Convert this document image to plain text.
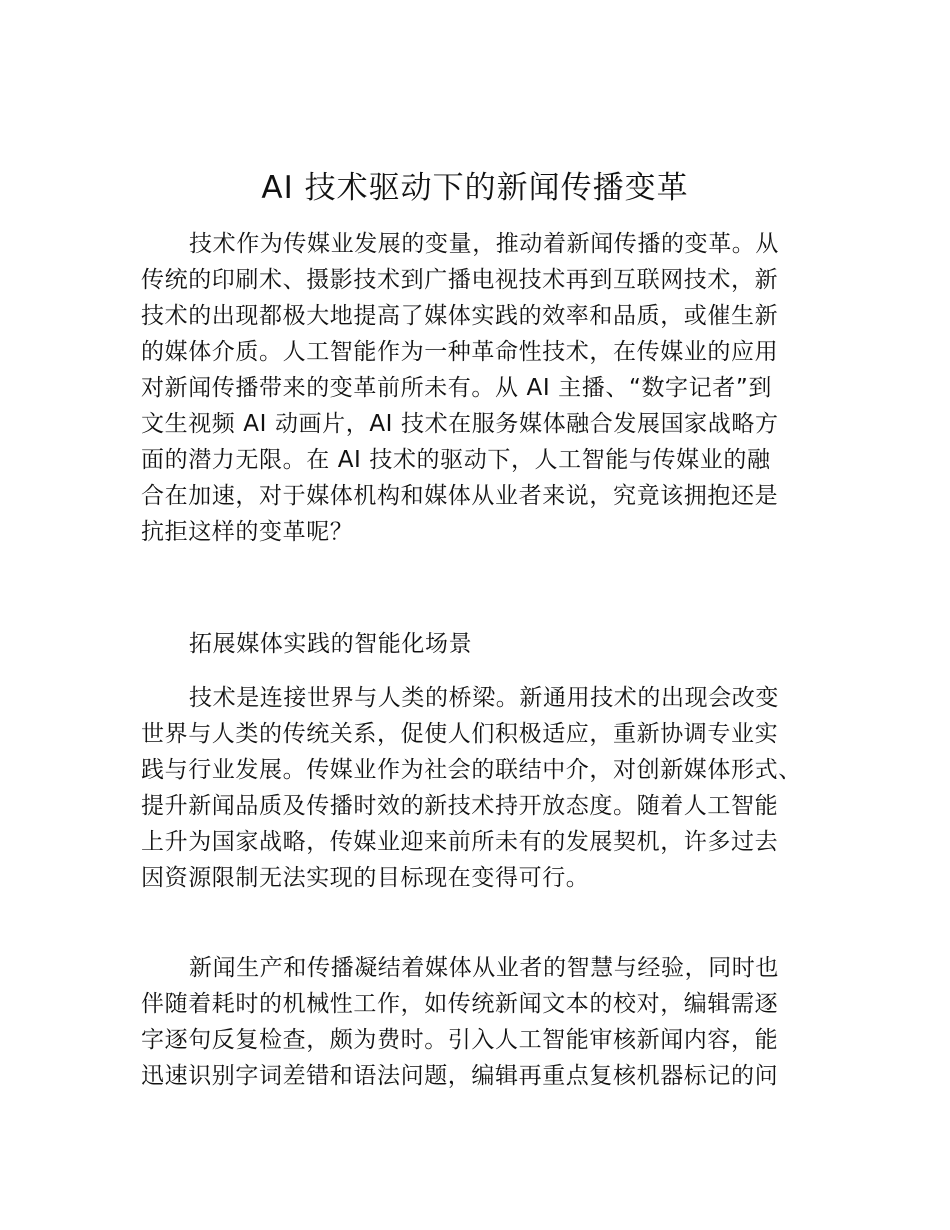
AI 技术驱动下的新闻传播变革
技术作为传媒业发展的变量，推动着新闻传播的变革。从
传统的印刷术、摄影技术到广播电视技术再到互联网技术，新
技术的出现都极大地提高了媒体实践的效率和品质，或催生新
的媒体介质。人工智能作为一种革命性技术，在传媒业的应用
对新闻传播带来的变革前所未有。从 AI 主播、“数字记者”到
文生视频 AI 动画片，AI 技术在服务媒体融合发展国家战略方
面的潜力无限。在 AI 技术的驱动下，人工智能与传媒业的融
合在加速，对于媒体机构和媒体从业者来说，究竟该拥抱还是
抗拒这样的变革呢？
拓展媒体实践的智能化场景
技术是连接世界与人类的桥梁。新通用技术的出现会改变
世界与人类的传统关系，促使人们积极适应，重新协调专业实
践与行业发展。传媒业作为社会的联结中介，对创新媒体形式、
提升新闻品质及传播时效的新技术持开放态度。随着人工智能
上升为国家战略，传媒业迎来前所未有的发展契机，许多过去
因资源限制无法实现的目标现在变得可行。
新闻生产和传播凝结着媒体从业者的智慧与经验，同时也
伴随着耗时的机械性工作，如传统新闻文本的校对，编辑需逐
字逐句反复检查，颇为费时。引入人工智能审核新闻内容，能
迅速识别字词差错和语法问题，编辑再重点复核机器标记的问
